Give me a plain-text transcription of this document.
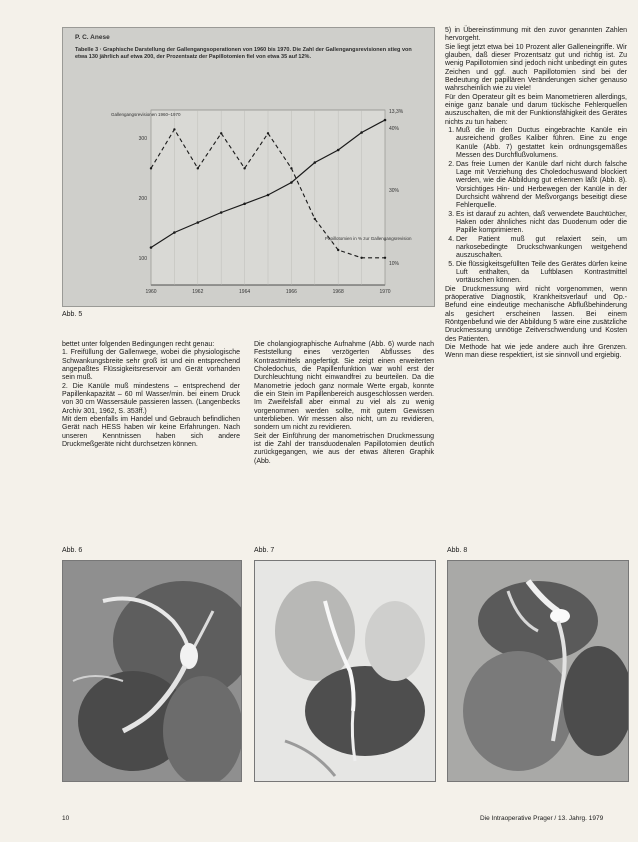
P. C. Anese
Tabelle 3 · Graphische Darstellung der Gallengangsoperationen von 1960 bis 1970. Die Zahl der Gallengangsrevisionen stieg von etwa 130 jährlich auf etwa 200, der Prozentsatz der Papillotomien fiel von etwa 35 auf 12%.
1960	1962	1964	1966	1968	1970
300
200
100
13,3%
40%
30%
10%
Gallengangsrevisionen 1960–1970
Papillotomien in % zur Gallengangsrevision
Abb. 5
bettet unter folgenden Bedingungen recht genau:
1. Freifüllung der Gallenwege, wobei die physiologische Schwankungsbreite sehr groß ist und ein entsprechend angepaßtes Flüssigkeitsreservoir am Gerät vorhanden sein muß.
2. Die Kanüle muß mindestens – entsprechend der Papillenkapazität – 60 ml Wasser/min. bei einem Druck von 30 cm Wassersäule passieren lassen. (Langenbecks Archiv 301, 1962, S. 353ff.)
Mit dem ebenfalls im Handel und Gebrauch befindlichen Gerät nach HESS haben wir keine Erfahrungen. Nach unseren Kenntnissen haben sich andere Druckmeßgeräte nicht durchsetzen können.
Die cholangiographische Aufnahme (Abb. 6) wurde nach Feststellung eines verzögerten Abflusses des Kontrastmittels angefertigt. Sie zeigt einen erweiterten Choledochus, die Papillenfunktion war wohl erst der Durchleuchtung nicht einwandfrei zu beurteilen. Da die Manometrie jedoch ganz normale Werte ergab, konnte die ein Stein im Papillenbereich ausgeschlossen werden. Im Zweifelsfall aber einmal zu viel als zu wenig vorgenommen werden sollte, mit gutem Gewissen unterblieben. Wir messen also nicht, um zu revidieren, sondern um nicht zu revidieren.
Seit der Einführung der manometrischen Druckmessung ist die Zahl der transduodenalen Papillotomien deutlich zurückgegangen, wie aus der etwas älteren Graphik (Abb.

5) in Übereinstimmung mit den zuvor genannten Zahlen hervorgeht.
Sie liegt jetzt etwa bei 10 Prozent aller Galleneingriffe. Wir glauben, daß dieser Prozentsatz gut und richtig ist. Zu wenig Papillotomien sind jedoch nicht unbedingt ein gutes Zeichen und ggf. auch Papillotomien sind bei der Bedeutung der papillären Veränderungen sicher genauso wahrscheinlich wie zu viele!
Für den Operateur gilt es beim Manometrieren allerdings, einige ganz banale und darum tückische Fehlerquellen auszuschalten, die mit der Funktionsfähigkeit des Gerätes nichts zu tun haben:

1. Muß die in den Ductus eingebrachte Kanüle ein ausreichend großes Kaliber führen. Eine zu enge Kanüle (Abb. 7) gestattet kein ordnungsgemäßes Messen des Durchflußvolumens.
2. Das freie Lumen der Kanüle darf nicht durch falsche Lage mit Verziehung des Choledochuswand blockiert werden, wie die Abbildung gut erkennen läßt (Abb. 8). Vorsichtiges Hin- und Herbewegen der Kanüle in der Durchsicht während der Meßvorgangs beseitigt diese Fehlerquelle.
3. Es ist darauf zu achten, daß verwendete Bauchtücher, Haken oder ähnliches nicht das Duodenum oder die Papille komprimieren.
4. Der Patient muß gut relaxiert sein, um narkosebedingte Druckschwankungen weitgehend auszuschalten.
5. Die flüssigkeitsgefüllten Teile des Gerätes dürfen keine Luft enthalten, da Luftblasen Kontrastmittel vortäuschen können.

Die Druckmessung wird nicht vorgenommen, wenn präoperative Diagnostik, Krankheitsverlauf und Op.-Befund eine eindeutige mechanische Abflußbehinderung als gesichert erscheinen lassen. Bei einem Röntgenbefund wie der Abbildung 5 wäre eine zusätzliche Druckmessung unnötige Zeitverschwendung und Kosten des Patienten.
Die Methode hat wie jede andere auch ihre Grenzen. Wenn man diese respektiert, ist sie sinnvoll und ergiebig.

Abb. 6	Abb. 7	Abb. 8
10	Die Intraoperative Prager / 13. Jahrg. 1979
